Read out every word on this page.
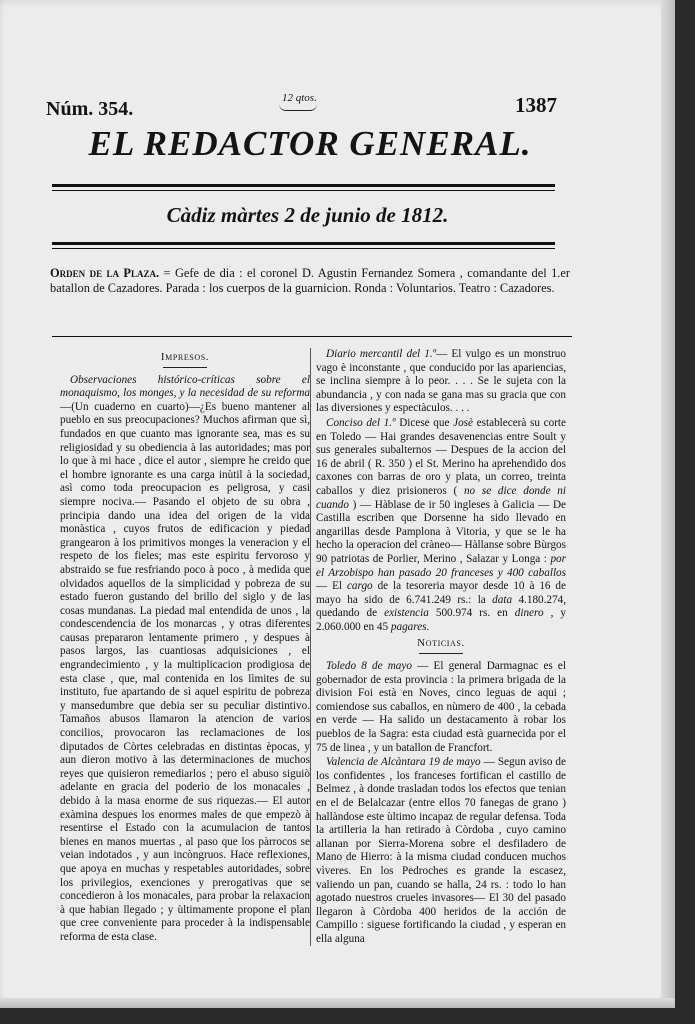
Núm. 354.	12 qtos.	1387
EL REDACTOR GENERAL.
Càdiz màrtes 2 de junio de 1812.
Orden de la Plaza. = Gefe de dia : el coronel D. Agustin Fernandez Somera , comandante del 1.er batallon de Cazadores. Parada : los cuerpos de la guarnicion. Ronda : Voluntarios. Teatro : Cazadores.
Impresos.

Observaciones histórico-críticas sobre el monaquismo, los monges, y la necesidad de su reforma—(Un cuaderno en cuarto)—¿Es bueno mantener al pueblo en sus preocupaciones? Muchos afirman que sì, fundados en que cuanto mas ignorante sea, mas es su religiosidad y su obediencia à las autoridades; mas por lo que à mi hace , dice el autor , siempre he creido que el hombre ignorante es una carga inùtil à la sociedad, asì como toda preocupacion es peligrosa, y casi siempre nociva.— Pasando el objeto de su obra , principia dando una idea del origen de la vida monàstica , cuyos frutos de edificacion y piedad grangearon à los primitivos monges la veneracion y el respeto de los fieles; mas este espiritu fervoroso y abstraido se fue resfriando poco à poco , à medida que olvidados aquellos de la simplicidad y pobreza de su estado fueron gustando del brillo del siglo y de las cosas mundanas. La piedad mal entendida de unos , la condescendencia de los monarcas , y otras diferentes causas prepararon lentamente primero , y despues à pasos largos, las cuantiosas adquisiciones , el engrandecimiento , y la multiplicacion prodigiosa de esta clase , que, mal contenida en los lìmites de su instituto, fue apartando de sì aquel espiritu de pobreza y mansedumbre que debia ser su peculiar distintivo. Tamaños abusos llamaron la atencion de varios concilios, provocaron las reclamaciones de los diputados de Còrtes celebradas en distintas èpocas, y aun dieron motivo à las determinaciones de muchos reyes que quisieron remediarlos ; pero el abuso siguiò adelante en gracia del poderìo de los monacales , debido à la masa enorme de sus riquezas.— El autor exàmina despues los enormes males de que empezò à resentirse el Estado con la acumulacion de tantos bienes en manos muertas , al paso que los pàrrocos se veian indotados , y aun incòngruos. Hace reflexiones, que apoya en muchas y respetables autoridades, sobre los privilegios, exenciones y prerogativas que se concedieron à los monacales, para probar la relaxacion à que habian llegado ; y ùltimamente propone el plan que cree conveniente para proceder à la indispensable reforma de esta clase.

Diario mercantil del 1.º— El vulgo es un monstruo vago è inconstante , que conducido por las apariencias, se inclina siempre à lo peor. . . . Se le sujeta con la abundancia , y con nada se gana mas su gracia que con las diversiones y espectàculos. . . .

Conciso del 1.º Dicese que Josè establecerà su corte en Toledo — Hai grandes desavenencias entre Soult y sus generales subalternos — Despues de la accion del 16 de abril ( R. 350 ) el St. Merino ha aprehendido dos caxones con barras de oro y plata, un correo, treinta caballos y diez prisioneros ( no se dice donde ni cuando ) — Hàblase de ir 50 ingleses à Galicia — De Castilla escriben que Dorsenne ha sido llevado en angarillas desde Pamplona à Vitoria, y que se le ha hecho la operacion del cràneo— Hàllanse sobre Bùrgos 90 patriotas de Porlier, Merino , Salazar y Longa : por el Arzobispo han pasado 20 franceses y 400 caballos — El cargo de la tesoreria mayor desde 10 à 16 de mayo ha sido de 6.741.249 rs.: la data 4.180.274, quedando de existencia 500.974 rs. en dinero , y 2.060.000 en 45 pagares.

Noticias.

Toledo 8 de mayo — El general Darmagnac es el gobernador de esta provincia : la primera brigada de la division Foi està en Noves, cinco leguas de aqui ; comiendose sus caballos, en nùmero de 400 , la cebada en verde — Ha salido un destacamento à robar los pueblos de la Sagra: esta ciudad està guarnecida por el 75 de linea , y un batallon de Francfort.

Valencia de Alcàntara 19 de mayo — Segun aviso de los confidentes , los franceses fortifican el castillo de Belmez , à donde trasladan todos los efectos que tenian en el de Belalcazar (entre ellos 70 fanegas de grano ) hallàndose este ùltimo incapaz de regular defensa. Toda la artilleria la han retirado à Còrdoba , cuyo camino allanan por Sierra-Morena sobre el desfiladero de Mano de Hierro: à la misma ciudad conducen muchos vìveres. En los Pedroches es grande la escasez, valiendo un pan, cuando se halla, 24 rs. : todo lo han agotado nuestros crueles invasores— El 30 del pasado llegaron à Còrdoba 400 heridos de la acción de Campillo : siguese fortificando la ciudad , y esperan en ella alguna
